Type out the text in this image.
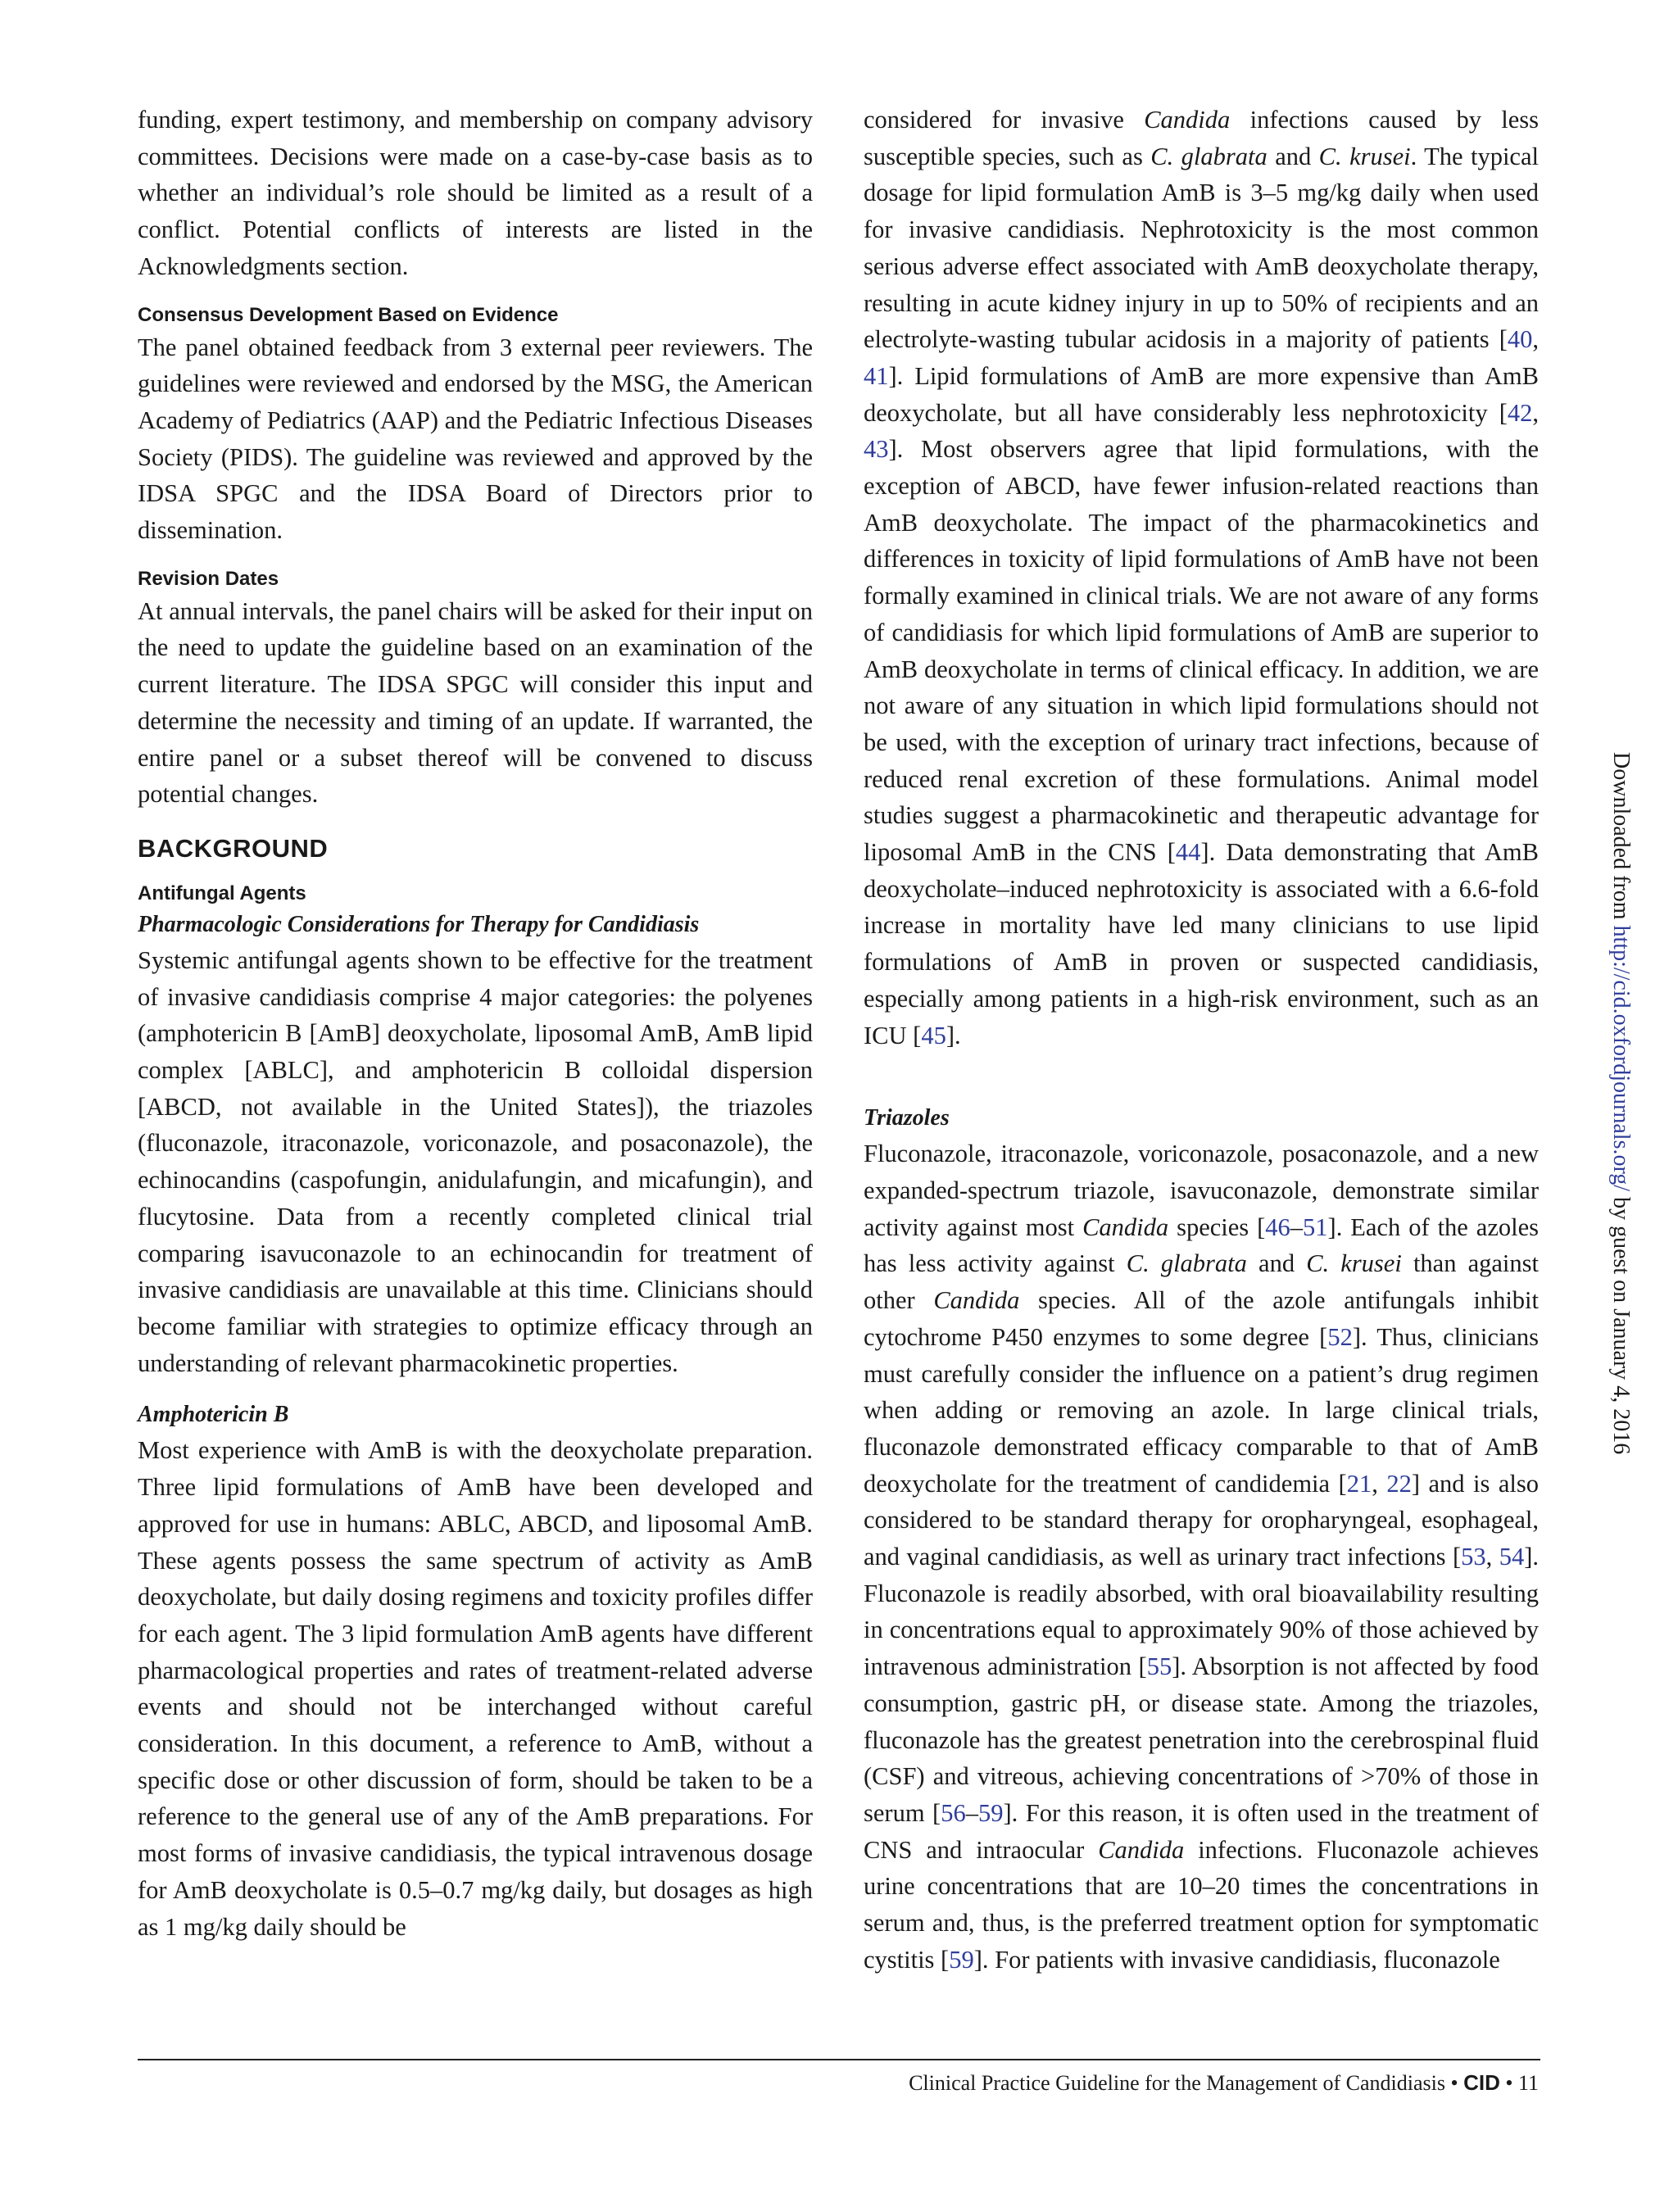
funding, expert testimony, and membership on company advisory committees. Decisions were made on a case-by-case basis as to whether an individual’s role should be limited as a result of a conflict. Potential conflicts of interests are listed in the Acknowledgments section.

Consensus Development Based on Evidence

The panel obtained feedback from 3 external peer reviewers. The guidelines were reviewed and endorsed by the MSG, the American Academy of Pediatrics (AAP) and the Pediatric Infectious Diseases Society (PIDS). The guideline was reviewed and approved by the IDSA SPGC and the IDSA Board of Directors prior to dissemination.

Revision Dates

At annual intervals, the panel chairs will be asked for their input on the need to update the guideline based on an examination of the current literature. The IDSA SPGC will consider this input and determine the necessity and timing of an update. If warranted, the entire panel or a subset thereof will be convened to discuss potential changes.

BACKGROUND
Antifungal Agents
Pharmacologic Considerations for Therapy for Candidiasis

Systemic antifungal agents shown to be effective for the treatment of invasive candidiasis comprise 4 major categories: the polyenes (amphotericin B [AmB] deoxycholate, liposomal AmB, AmB lipid complex [ABLC], and amphotericin B colloidal dispersion [ABCD, not available in the United States]), the triazoles (fluconazole, itraconazole, voriconazole, and posaconazole), the echinocandins (caspofungin, anidulafungin, and micafungin), and flucytosine. Data from a recently completed clinical trial comparing isavuconazole to an echinocandin for treatment of invasive candidiasis are unavailable at this time. Clinicians should become familiar with strategies to optimize efficacy through an understanding of relevant pharmacokinetic properties.

Amphotericin B

Most experience with AmB is with the deoxycholate preparation. Three lipid formulations of AmB have been developed and approved for use in humans: ABLC, ABCD, and liposomal AmB. These agents possess the same spectrum of activity as AmB deoxycholate, but daily dosing regimens and toxicity profiles differ for each agent. The 3 lipid formulation AmB agents have different pharmacological properties and rates of treatment-related adverse events and should not be interchanged without careful consideration. In this document, a reference to AmB, without a specific dose or other discussion of form, should be taken to be a reference to the general use of any of the AmB preparations. For most forms of invasive candidiasis, the typical intravenous dosage for AmB deoxycholate is 0.5–0.7 mg/kg daily, but dosages as high as 1 mg/kg daily should be

considered for invasive Candida infections caused by less susceptible species, such as C. glabrata and C. krusei. The typical dosage for lipid formulation AmB is 3–5 mg/kg daily when used for invasive candidiasis. Nephrotoxicity is the most common serious adverse effect associated with AmB deoxycholate therapy, resulting in acute kidney injury in up to 50% of recipients and an electrolyte-wasting tubular acidosis in a majority of patients [40, 41]. Lipid formulations of AmB are more expensive than AmB deoxycholate, but all have considerably less nephrotoxicity [42, 43]. Most observers agree that lipid formulations, with the exception of ABCD, have fewer infusion-related reactions than AmB deoxycholate. The impact of the pharmacokinetics and differences in toxicity of lipid formulations of AmB have not been formally examined in clinical trials. We are not aware of any forms of candidiasis for which lipid formulations of AmB are superior to AmB deoxycholate in terms of clinical efficacy. In addition, we are not aware of any situation in which lipid formulations should not be used, with the exception of urinary tract infections, because of reduced renal excretion of these formulations. Animal model studies suggest a pharmacokinetic and therapeutic advantage for liposomal AmB in the CNS [44]. Data demonstrating that AmB deoxycholate–induced nephrotoxicity is associated with a 6.6-fold increase in mortality have led many clinicians to use lipid formulations of AmB in proven or suspected candidiasis, especially among patients in a high-risk environment, such as an ICU [45].

Triazoles

Fluconazole, itraconazole, voriconazole, posaconazole, and a new expanded-spectrum triazole, isavuconazole, demonstrate similar activity against most Candida species [46–51]. Each of the azoles has less activity against C. glabrata and C. krusei than against other Candida species. All of the azole antifungals inhibit cytochrome P450 enzymes to some degree [52]. Thus, clinicians must carefully consider the influence on a patient’s drug regimen when adding or removing an azole. In large clinical trials, fluconazole demonstrated efficacy comparable to that of AmB deoxycholate for the treatment of candidemia [21, 22] and is also considered to be standard therapy for oropharyngeal, esophageal, and vaginal candidiasis, as well as urinary tract infections [53, 54]. Fluconazole is readily absorbed, with oral bioavailability resulting in concentrations equal to approximately 90% of those achieved by intravenous administration [55]. Absorption is not affected by food consumption, gastric pH, or disease state. Among the triazoles, fluconazole has the greatest penetration into the cerebrospinal fluid (CSF) and vitreous, achieving concentrations of >70% of those in serum [56–59]. For this reason, it is often used in the treatment of CNS and intraocular Candida infections. Fluconazole achieves urine concentrations that are 10–20 times the concentrations in serum and, thus, is the preferred treatment option for symptomatic cystitis [59]. For patients with invasive candidiasis, fluconazole

Clinical Practice Guideline for the Management of Candidiasis • CID • 11
Downloaded from http://cid.oxfordjournals.org/ by guest on January 4, 2016
